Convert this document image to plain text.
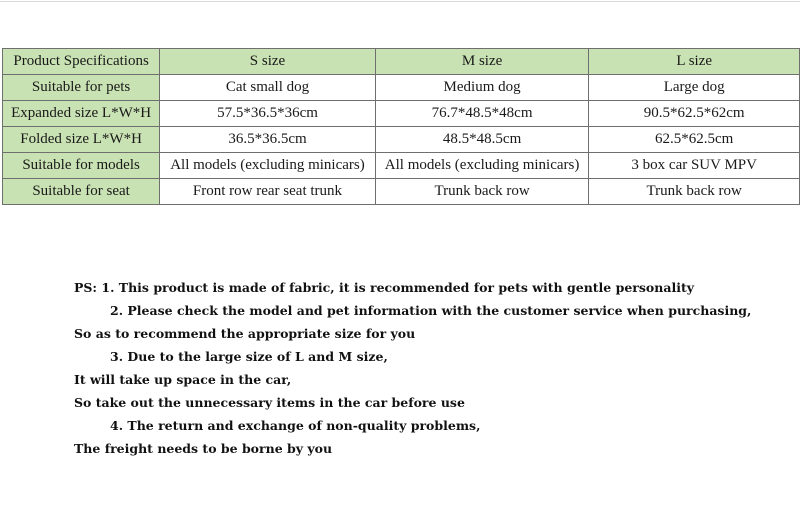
Product Specifications	S size	M size	L size
Suitable for pets	Cat small dog	Medium dog	Large dog
Expanded size L*W*H	57.5*36.5*36cm	76.7*48.5*48cm	90.5*62.5*62cm
Folded size L*W*H	36.5*36.5cm	48.5*48.5cm	62.5*62.5cm
Suitable for models	All models (excluding minicars)	All models (excluding minicars)	3 box car SUV MPV
Suitable for seat	Front row rear seat trunk	Trunk back row	Trunk back row
PS: 1. This product is made of fabric, it is recommended for pets with gentle personality
2. Please check the model and pet information with the customer service when purchasing,
So as to recommend the appropriate size for you
3. Due to the large size of L and M size,
It will take up space in the car,
So take out the unnecessary items in the car before use
4. The return and exchange of non-quality problems,
The freight needs to be borne by you
